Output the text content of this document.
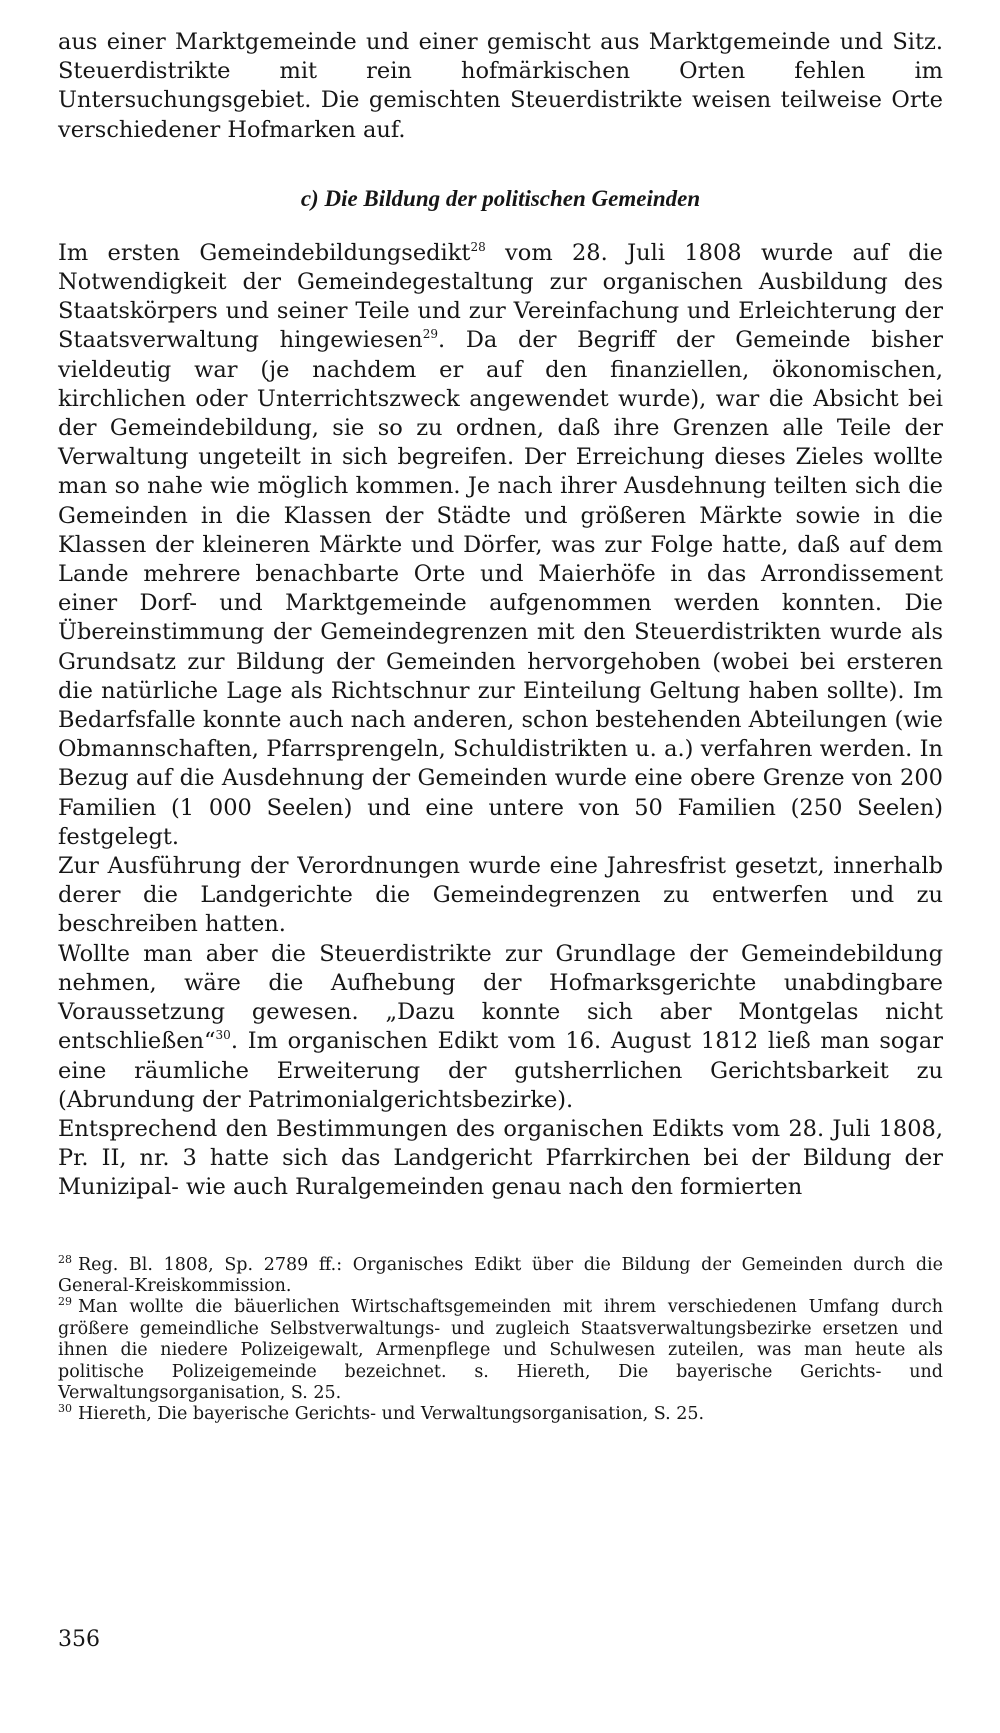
aus einer Marktgemeinde und einer gemischt aus Marktgemeinde und Sitz. Steuerdistrikte mit rein hofmärkischen Orten fehlen im Untersuchungsgebiet. Die gemischten Steuerdistrikte weisen teilweise Orte verschiedener Hofmarken auf.

c) Die Bildung der politischen Gemeinden

Im ersten Gemeindebildungsedikt$^{28}$ vom 28. Juli 1808 wurde auf die Notwendigkeit der Gemeindegestaltung zur organischen Ausbildung des Staatskörpers und seiner Teile und zur Vereinfachung und Erleichterung der Staatsverwaltung hingewiesen$^{29}$. Da der Begriff der Gemeinde bisher vieldeutig war (je nachdem er auf den finanziellen, ökonomischen, kirchlichen oder Unterrichtszweck angewendet wurde), war die Absicht bei der Gemeindebildung, sie so zu ordnen, daß ihre Grenzen alle Teile der Verwaltung ungeteilt in sich begreifen. Der Erreichung dieses Zieles wollte man so nahe wie möglich kommen. Je nach ihrer Ausdehnung teilten sich die Gemeinden in die Klassen der Städte und größeren Märkte sowie in die Klassen der kleineren Märkte und Dörfer, was zur Folge hatte, daß auf dem Lande mehrere benachbarte Orte und Maierhöfe in das Arrondissement einer Dorf- und Marktgemeinde aufgenommen werden konnten. Die Übereinstimmung der Gemeindegrenzen mit den Steuerdistrikten wurde als Grundsatz zur Bildung der Gemeinden hervorgehoben (wobei bei ersteren die natürliche Lage als Richtschnur zur Einteilung Geltung haben sollte). Im Bedarfsfalle konnte auch nach anderen, schon bestehenden Abteilungen (wie Obmannschaften, Pfarrsprengeln, Schuldistrikten u. a.) verfahren werden. In Bezug auf die Ausdehnung der Gemeinden wurde eine obere Grenze von 200 Familien (1 000 Seelen) und eine untere von 50 Familien (250 Seelen) festgelegt.

Zur Ausführung der Verordnungen wurde eine Jahresfrist gesetzt, innerhalb derer die Landgerichte die Gemeindegrenzen zu entwerfen und zu beschreiben hatten.

Wollte man aber die Steuerdistrikte zur Grundlage der Gemeindebildung nehmen, wäre die Aufhebung der Hofmarksgerichte unabdingbare Voraussetzung gewesen. „Dazu konnte sich aber Montgelas nicht entschließen“$^{30}$. Im organischen Edikt vom 16. August 1812 ließ man sogar eine räumliche Erweiterung der gutsherrlichen Gerichtsbarkeit zu (Abrundung der Patrimonialgerichtsbezirke).

Entsprechend den Bestimmungen des organischen Edikts vom 28. Juli 1808, Pr. II, nr. 3 hatte sich das Landgericht Pfarrkirchen bei der Bildung der Munizipal- wie auch Ruralgemeinden genau nach den formierten

$^{28}$ Reg. Bl. 1808, Sp. 2789 ff.: Organisches Edikt über die Bildung der Gemeinden durch die General-Kreiskommission.

$^{29}$ Man wollte die bäuerlichen Wirtschaftsgemeinden mit ihrem verschiedenen Umfang durch größere gemeindliche Selbstverwaltungs- und zugleich Staatsverwaltungsbezirke ersetzen und ihnen die niedere Polizeigewalt, Armenpflege und Schulwesen zuteilen, was man heute als politische Polizeigemeinde bezeichnet. s. Hiereth, Die bayerische Gerichts- und Verwaltungsorganisation, S. 25.

$^{30}$ Hiereth, Die bayerische Gerichts- und Verwaltungsorganisation, S. 25.

356
